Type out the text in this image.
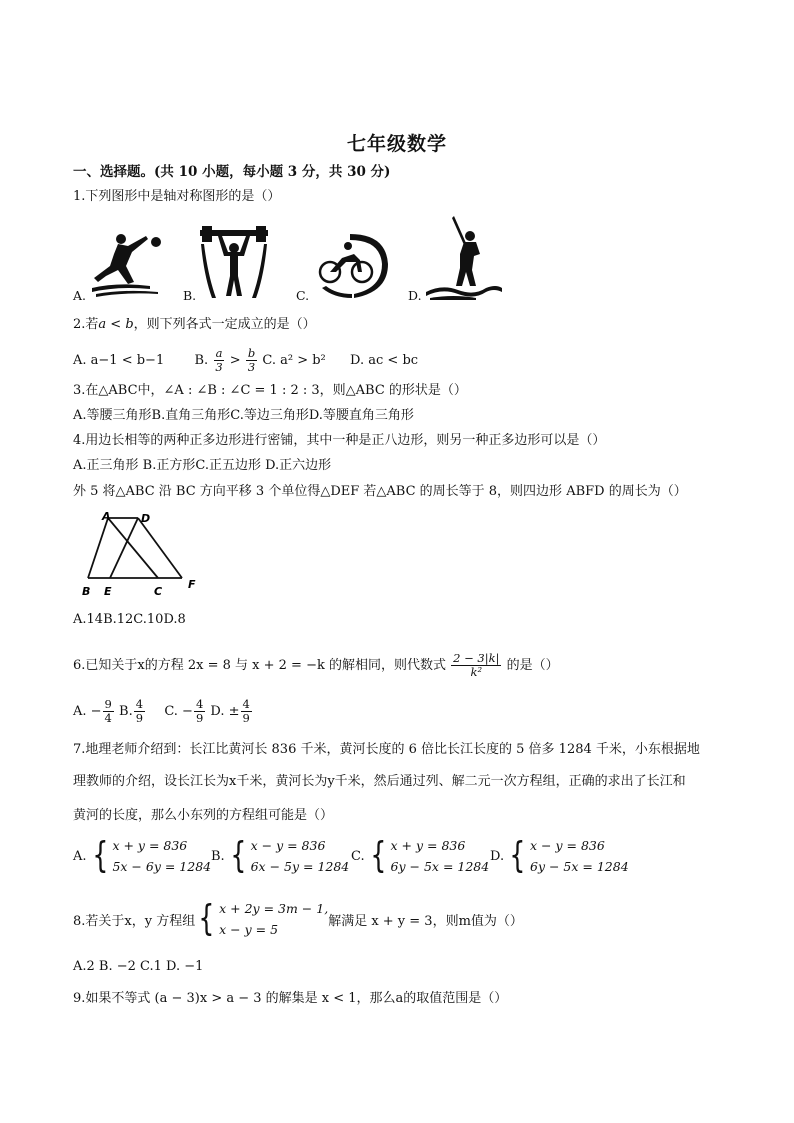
七年级数学
一、选择题。(共 10 小题，每小题 3 分，共 30 分)
1.下列图形中是轴对称图形的是（）
A.	B.	C.	D.
2.若a < b，则下列各式一定成立的是（）
A. a−1 < b−1 B. $\frac{a}{3} > \frac{b}{3} C$. a² > b² D. ac < bc
3.在△ABC中，∠A : ∠B : ∠C = 1 : 2 : 3，则△ABC 的形状是（）
A.等腰三角形B.直角三角形C.等边三角形D.等腰直角三角形
4.用边长相等的两种正多边形进行密铺，其中一种是正八边形，则另一种正多边形可以是（）
A.正三角形 B.正方形C.正五边形 D.正六边形
外 5 将△ABC 沿 BC 方向平移 3 个单位得△DEF 若△ABC 的周长等于 8，则四边形 ABFD 的周长为（）
A	D
B E	C
F
A.14B.12C.10D.8
6.已知关于x的方程 2x = 8 与 x + 2 = −k 的解相同，则代数式 $\frac{2 - 3|k|}{\text{k²}}$ 的是（）
A. − $\frac{9}{4} B$. $\frac{4}{9} C$. − $\frac{4}{9} D$. ± $\frac{4}{9}$
7.地理老师介绍到：长江比黄河长 836 千米，黄河长度的 6 倍比长江长度的 5 倍多 1284 千米，小东根据地
理教师的介绍，设长江长为x千米，黄河长为y千米，然后通过列、解二元一次方程组，正确的求出了长江和
黄河的长度，那么小东列的方程组可能是（）
A. { x + y = 836
5x − 6y = 1284
B. { x − y = 836
6x − 5y = 1284
C. { x + y = 836
6y − 5x = 1284
D. { x − y = 836
6y − 5x = 1284
8.若关于x，y 方程组 { x + 2y = 3m − 1,
x − y = 5
解满足 x + y = 3，则m值为（）
A.2 B. −2 C.1 D. −1
9.如果不等式 (a − 3)x > a − 3 的解集是 x < 1，那么a的取值范围是（）
